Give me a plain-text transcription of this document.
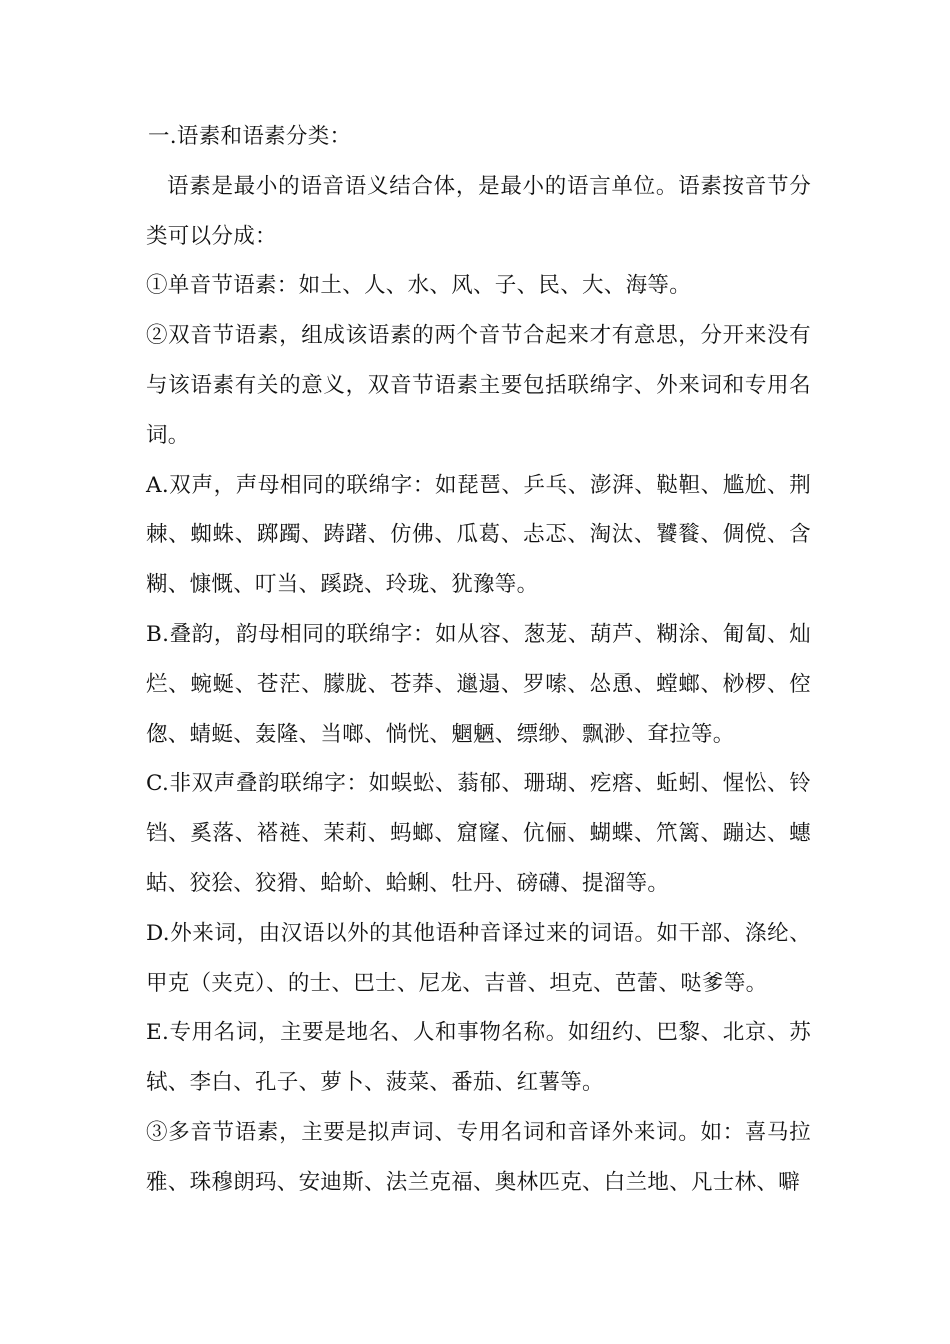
一.语素和语素分类：

语素是最小的语音语义结合体，是最小的语言单位。语素按音节分类可以分成：

①单音节语素：如土、人、水、风、子、民、大、海等。

②双音节语素，组成该语素的两个音节合起来才有意思，分开来没有与该语素有关的意义，双音节语素主要包括联绵字、外来词和专用名词。

A.双声，声母相同的联绵字：如琵琶、乒乓、澎湃、鞑靼、尴尬、荆棘、蜘蛛、踯躅、踌躇、仿佛、瓜葛、忐忑、淘汰、饕餮、倜傥、含糊、慷慨、叮当、蹊跷、玲珑、犹豫等。

B.叠韵，韵母相同的联绵字：如从容、葱茏、葫芦、糊涂、匍匐、灿烂、蜿蜒、苍茫、朦胧、苍莽、邋遢、罗嗦、怂恿、螳螂、桫椤、倥偬、蜻蜓、轰隆、当啷、惝恍、魍魉、缥缈、飘渺、耷拉等。

C.非双声叠韵联绵字：如蜈蚣、蓊郁、珊瑚、疙瘩、蚯蚓、惺忪、铃铛、奚落、褡裢、茉莉、蚂螂、窟窿、伉俪、蝴蝶、笊篱、蹦达、蟪蛄、狡狯、狡猾、蛤蚧、蛤蜊、牡丹、磅礴、提溜等。

D.外来词，由汉语以外的其他语种音译过来的词语。如干部、涤纶、甲克（夹克）、的士、巴士、尼龙、吉普、坦克、芭蕾、哒爹等。

E.专用名词，主要是地名、人和事物名称。如纽约、巴黎、北京、苏轼、李白、孔子、萝卜、菠菜、番茄、红薯等。

③多音节语素，主要是拟声词、专用名词和音译外来词。如：喜马拉雅、珠穆朗玛、安迪斯、法兰克福、奥林匹克、白兰地、凡士林、噼
